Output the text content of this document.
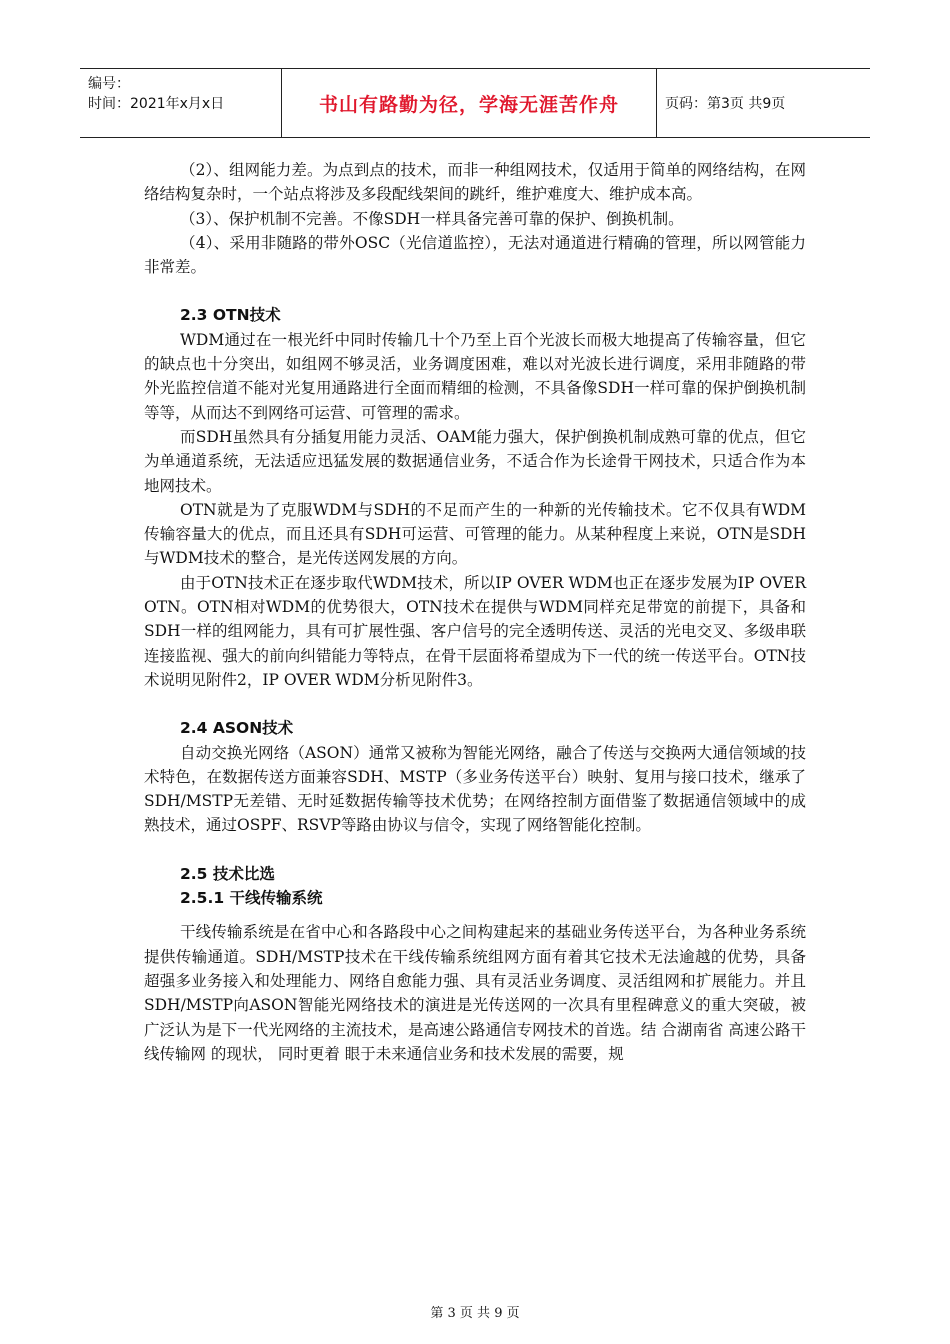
编号：
时间：2021年x月x日	书山有路勤为径，学海无涯苦作舟	页码：第3页 共9页

（2）、组网能力差。为点到点的技术，而非一种组网技术，仅适用于简单的网络结构，在网络结构复杂时，一个站点将涉及多段配线架间的跳纤，维护难度大、维护成本高。

（3）、保护机制不完善。不像SDH一样具备完善可靠的保护、倒换机制。

（4）、采用非随路的带外OSC（光信道监控），无法对通道进行精确的管理，所以网管能力非常差。

2.3 OTN技术

WDM通过在一根光纤中同时传输几十个乃至上百个光波长而极大地提高了传输容量，但它的缺点也十分突出，如组网不够灵活，业务调度困难，难以对光波长进行调度，采用非随路的带外光监控信道不能对光复用通路进行全面而精细的检测，不具备像SDH一样可靠的保护倒换机制等等，从而达不到网络可运营、可管理的需求。

而SDH虽然具有分插复用能力灵活、OAM能力强大，保护倒换机制成熟可靠的优点，但它为单通道系统，无法适应迅猛发展的数据通信业务，不适合作为长途骨干网技术，只适合作为本地网技术。

OTN就是为了克服WDM与SDH的不足而产生的一种新的光传输技术。它不仅具有WDM传输容量大的优点，而且还具有SDH可运营、可管理的能力。从某种程度上来说，OTN是SDH与WDM技术的整合，是光传送网发展的方向。

由于OTN技术正在逐步取代WDM技术，所以IP OVER WDM也正在逐步发展为IP OVER OTN。OTN相对WDM的优势很大，OTN技术在提供与WDM同样充足带宽的前提下，具备和SDH一样的组网能力，具有可扩展性强、客户信号的完全透明传送、灵活的光电交叉、多级串联连接监视、强大的前向纠错能力等特点，在骨干层面将希望成为下一代的统一传送平台。OTN技术说明见附件2，IP OVER WDM分析见附件3。

2.4 ASON技术

自动交换光网络（ASON）通常又被称为智能光网络，融合了传送与交换两大通信领域的技术特色，在数据传送方面兼容SDH、MSTP（多业务传送平台）映射、复用与接口技术，继承了SDH/MSTP无差错、无时延数据传输等技术优势；在网络控制方面借鉴了数据通信领域中的成熟技术，通过OSPF、RSVP等路由协议与信令，实现了网络智能化控制。

2.5 技术比选

2.5.1 干线传输系统

干线传输系统是在省中心和各路段中心之间构建起来的基础业务传送平台，为各种业务系统提供传输通道。SDH/MSTP技术在干线传输系统组网方面有着其它技术无法逾越的优势，具备超强多业务接入和处理能力、网络自愈能力强、具有灵活业务调度、灵活组网和扩展能力。并且SDH/MSTP向ASON智能光网络技术的演进是光传送网的一次具有里程碑意义的重大突破，被广泛认为是下一代光网络的主流技术，是高速公路通信专网技术的首选。结 合湖南省 高速公路干 线传输网 的现状， 同时更着 眼于未来通信业务和技术发展的需要，规

第 3 页 共 9 页
